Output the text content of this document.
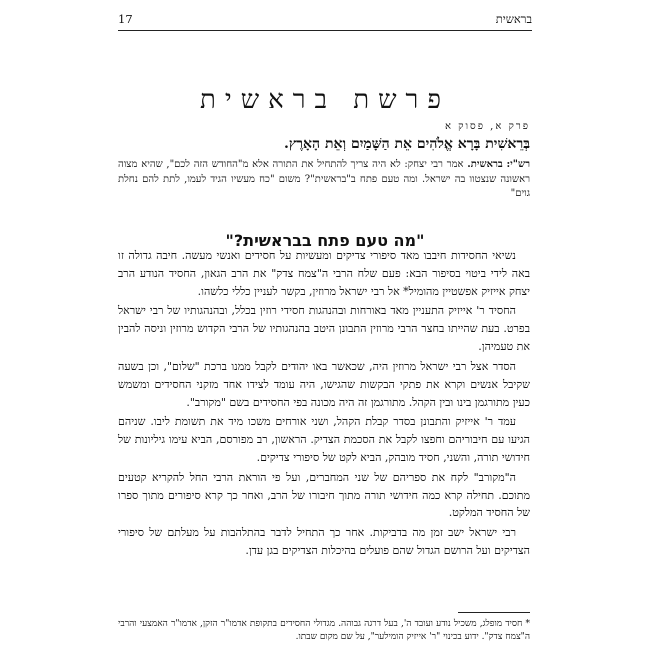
בראשית
17
פרשת בראשית
פרק א, פסוק א
בְּרֵאשִׁית בָּרָא אֱלֹהִים אֵת הַשָּׁמַיִם וְאֵת הָאָרֶץ.
רש"י: בראשית. אמר רבי יצחק: לא היה צריך להתחיל את התורה אלא מ"החודש הזה לכם", שהיא מצוה ראשונה שנצטוו בה ישראל. ומה טעם פתח ב"בראשית"? משום "כח מעשיו הגיד לעמו, לתת להם נחלת גוים"
"מה טעם פתח בבראשית?"

נשיאי החסידות חיבבו מאד סיפורי צדיקים ומעשיות על חסידים ואנשי מעשה. חיבה גדולה זו באה לידי ביטוי בסיפור הבא: פעם שלח הרבי ה"צמח צדק" את הרב הגאון, החסיד הנודע הרב יצחק אייזיק אפשטיין מהומיל* אל רבי ישראל מרוזין, בקשר לעניין כללי כלשהו.

החסיד ר' אייזיק התעניין מאד באורחות ובהנהגות חסידי רוזין בכלל, ובהנהגותיו של רבי ישראל בפרט. בעת שהייתו בחצר הרבי מרוזין התבונן היטב בהנהגותיו של הרבי הקדוש מרוזין וניסה להבין את טעמיהן.

הסדר אצל רבי ישראל מרוזין היה, שכאשר באו יהודים לקבל ממנו ברכת "שלום", וכן בשעה שקיבל אנשים וקרא את פתקי הבקשות שהגישו, היה עומד לצידו אחד מזקני החסידים ומשמש כעין מתורגמן בינו ובין הקהל. מתורגמן זה היה מכונה בפי החסידים בשם "מקורב".

עמד ר' אייזיק והתבונן בסדר קבלת הקהל, ושני אורחים משכו מיד את תשומת ליבו. שניהם הגיעו עם חיבוריהם וחפצו לקבל את הסכמת הצדיק. הראשון, רב מפורסם, הביא עימו גיליונות של חידושי תורה, והשני, חסיד מובהק, הביא לקט של סיפורי צדיקים.

ה"מקורב" לקח את ספריהם של שני המחברים, ועל פי הוראת הרבי החל להקריא קטעים מתוכם. תחילה קרא כמה חידושי תורה מתוך חיבורו של הרב, ואחר כך קרא סיפורים מתוך ספרו של החסיד המלקט.

רבי ישראל ישב זמן מה בדביקות. אחר כך התחיל לדבר בהתלהבות על מעלתם של סיפורי הצדיקים ועל הרושם הגדול שהם פועלים בהיכלות הצדיקים בגן עדן.

* חסיד מופלג, משכיל נודע ועובד ה', בעל דרגה גבוהה. מגדולי החסידים בתקופת אדמו"ר הזקן, אדמו"ר האמצעי והרבי ה"צמח צדק". ידוע בכינוי "ר' אייזיק הומילער", על שם מקום שבתו.
